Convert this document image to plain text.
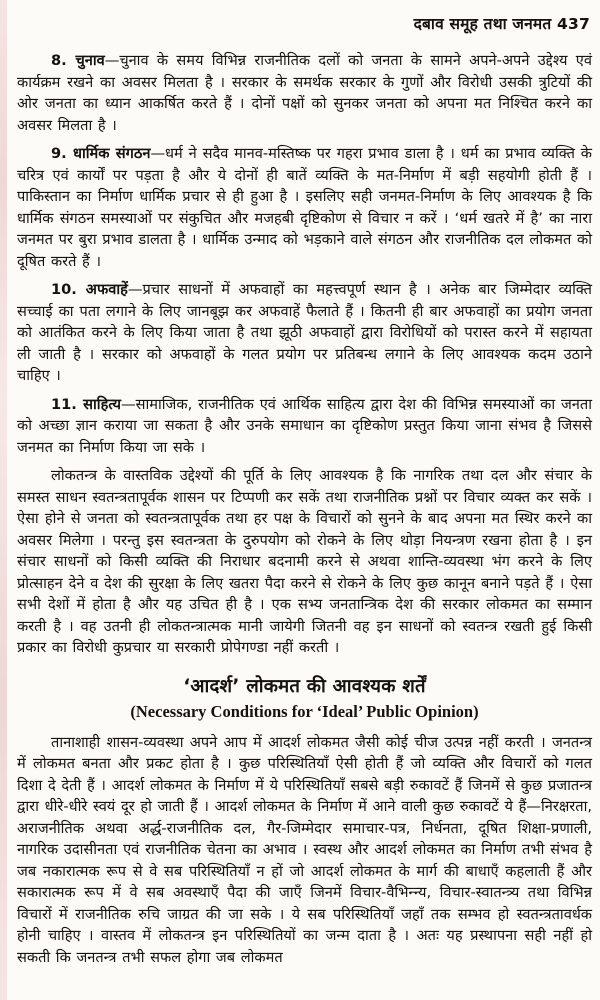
दबाव समूह तथा जनमत 437

8. चुनाव—चुनाव के समय विभिन्न राजनीतिक दलों को जनता के सामने अपने-अपने उद्देश्य एवं कार्यक्रम रखने का अवसर मिलता है । सरकार के समर्थक सरकार के गुणों और विरोधी उसकी त्रुटियों की ओर जनता का ध्यान आकर्षित करते हैं । दोनों पक्षों को सुनकर जनता को अपना मत निश्चित करने का अवसर मिलता है ।

9. धार्मिक संगठन—धर्म ने सदैव मानव-मस्तिष्क पर गहरा प्रभाव डाला है । धर्म का प्रभाव व्यक्ति के चरित्र एवं कार्यों पर पड़ता है और ये दोनों ही बातें व्यक्ति के मत-निर्माण में बड़ी सहयोगी होती हैं । पाकिस्तान का निर्माण धार्मिक प्रचार से ही हुआ है । इसलिए सही जनमत-निर्माण के लिए आवश्यक है कि धार्मिक संगठन समस्याओं पर संकुचित और मजहबी दृष्टिकोण से विचार न करें । ‘धर्म खतरे में है’ का नारा जनमत पर बुरा प्रभाव डालता है । धार्मिक उन्माद को भड़काने वाले संगठन और राजनीतिक दल लोकमत को दूषित करते हैं ।

10. अफवाहें—प्रचार साधनों में अफवाहों का महत्त्वपूर्ण स्थान है । अनेक बार जिम्मेदार व्यक्ति सच्चाई का पता लगाने के लिए जानबूझ कर अफवाहें फैलाते हैं । कितनी ही बार अफवाहों का प्रयोग जनता को आतंकित करने के लिए किया जाता है तथा झूठी अफवाहों द्वारा विरोधियों को परास्त करने में सहायता ली जाती है । सरकार को अफवाहों के गलत प्रयोग पर प्रतिबन्ध लगाने के लिए आवश्यक कदम उठाने चाहिए ।

11. साहित्य—सामाजिक, राजनीतिक एवं आर्थिक साहित्य द्वारा देश की विभिन्न समस्याओं का जनता को अच्छा ज्ञान कराया जा सकता है और उनके समाधान का दृष्टिकोण प्रस्तुत किया जाना संभव है जिससे जनमत का निर्माण किया जा सके ।

लोकतन्त्र के वास्तविक उद्देश्यों की पूर्ति के लिए आवश्यक है कि नागरिक तथा दल और संचार के समस्त साधन स्वतन्त्रतापूर्वक शासन पर टिप्पणी कर सकें तथा राजनीतिक प्रश्नों पर विचार व्यक्त कर सकें । ऐसा होने से जनता को स्वतन्त्रतापूर्वक तथा हर पक्ष के विचारों को सुनने के बाद अपना मत स्थिर करने का अवसर मिलेगा । परन्तु इस स्वतन्त्रता के दुरुपयोग को रोकने के लिए थोड़ा नियन्त्रण रखना होता है । इन संचार साधनों को किसी व्यक्ति की निराधार बदनामी करने से अथवा शान्ति-व्यवस्था भंग करने के लिए प्रोत्साहन देने व देश की सुरक्षा के लिए खतरा पैदा करने से रोकने के लिए कुछ कानून बनाने पड़ते हैं । ऐसा सभी देशों में होता है और यह उचित ही है । एक सभ्य जनतान्त्रिक देश की सरकार लोकमत का सम्मान करती है । वह उतनी ही लोकतन्त्रात्मक मानी जायेगी जितनी वह इन साधनों को स्वतन्त्र रखती हुई किसी प्रकार का विरोधी कुप्रचार या सरकारी प्रोपेगण्डा नहीं करती ।

‘आदर्श’ लोकमत की आवश्यक शर्तें
(Necessary Conditions for ‘Ideal’ Public Opinion)

तानाशाही शासन-व्यवस्था अपने आप में आदर्श लोकमत जैसी कोई चीज उत्पन्न नहीं करती । जनतन्त्र में लोकमत बनता और प्रकट होता है । कुछ परिस्थितियाँ ऐसी होती हैं जो व्यक्ति और विचारों को गलत दिशा दे देती हैं । आदर्श लोकमत के निर्माण में ये परिस्थितियाँ सबसे बड़ी रुकावटें हैं जिनमें से कुछ प्रजातन्त्र द्वारा धीरे-धीरे स्वयं दूर हो जाती हैं । आदर्श लोकमत के निर्माण में आने वाली कुछ रुकावटें ये हैं—निरक्षरता, अराजनीतिक अथवा अर्द्ध-राजनीतिक दल, गैर-जिम्मेदार समाचार-पत्र, निर्धनता, दूषित शिक्षा-प्रणाली, नागरिक उदासीनता एवं राजनीतिक चेतना का अभाव । स्वस्थ और आदर्श लोकमत का निर्माण तभी संभव है जब नकारात्मक रूप से वे सब परिस्थितियाँ न हों जो आदर्श लोकमत के मार्ग की बाधाएँ कहलाती हैं और सकारात्मक रूप में वे सब अवस्थाएँ पैदा की जाएँ जिनमें विचार-वैभिन्न्य, विचार-स्वातन्त्र्य तथा विभिन्न विचारों में राजनीतिक रुचि जाग्रत की जा सके । ये सब परिस्थितियाँ जहाँ तक सम्भव हो स्वतन्त्रतावर्धक होनी चाहिए । वास्तव में लोकतन्त्र इन परिस्थितियों का जन्म दाता है । अतः यह प्रस्थापना सही नहीं हो सकती कि जनतन्त्र तभी सफल होगा जब लोकमत
